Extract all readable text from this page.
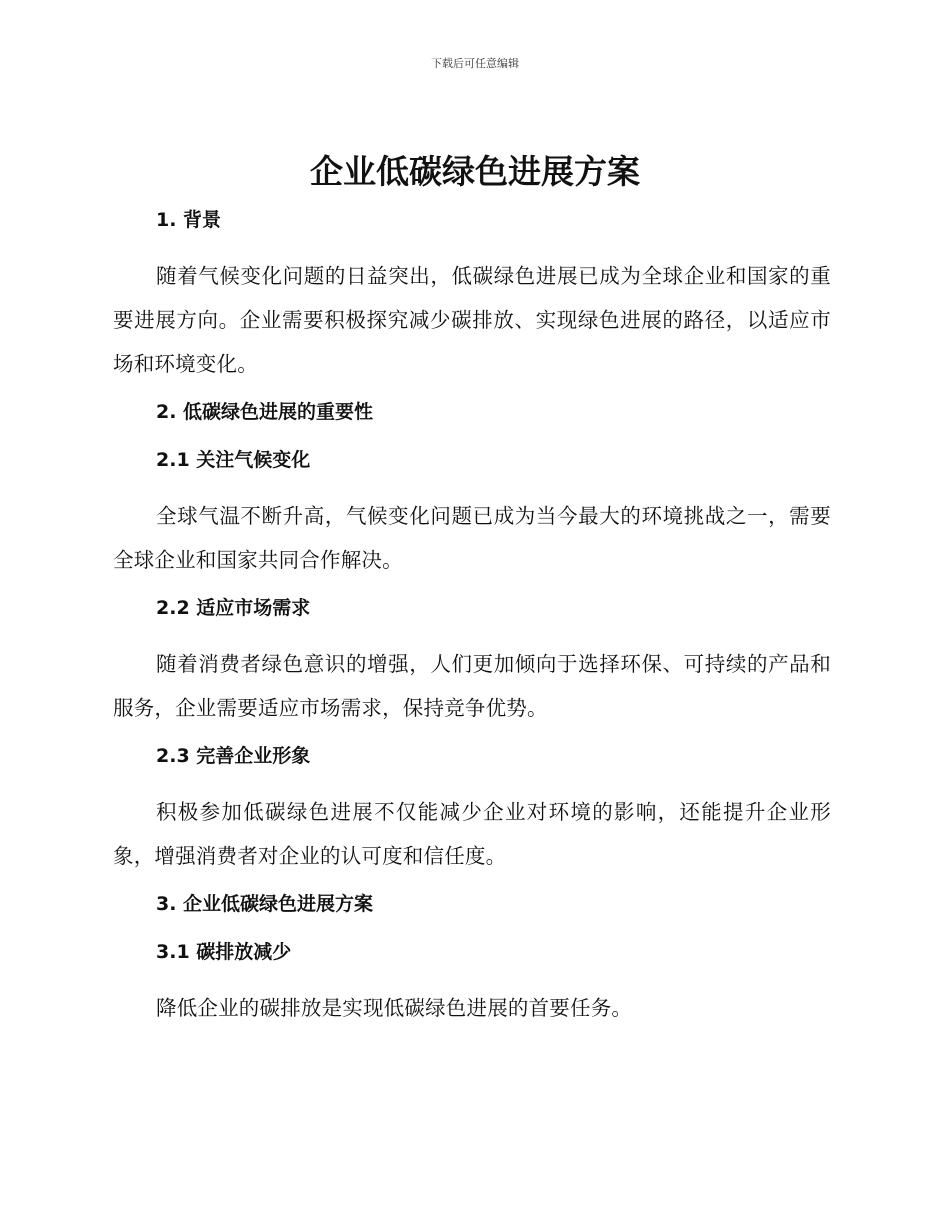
下载后可任意编辑
企业低碳绿色进展方案
1. 背景

随着气候变化问题的日益突出，低碳绿色进展已成为全球企业和国家的重要进展方向。企业需要积极探究减少碳排放、实现绿色进展的路径，以适应市场和环境变化。

2. 低碳绿色进展的重要性
2.1 关注气候变化

全球气温不断升高，气候变化问题已成为当今最大的环境挑战之一，需要全球企业和国家共同合作解决。

2.2 适应市场需求

随着消费者绿色意识的增强，人们更加倾向于选择环保、可持续的产品和服务，企业需要适应市场需求，保持竞争优势。

2.3 完善企业形象

积极参加低碳绿色进展不仅能减少企业对环境的影响，还能提升企业形象，增强消费者对企业的认可度和信任度。

3. 企业低碳绿色进展方案
3.1 碳排放减少

降低企业的碳排放是实现低碳绿色进展的首要任务。
